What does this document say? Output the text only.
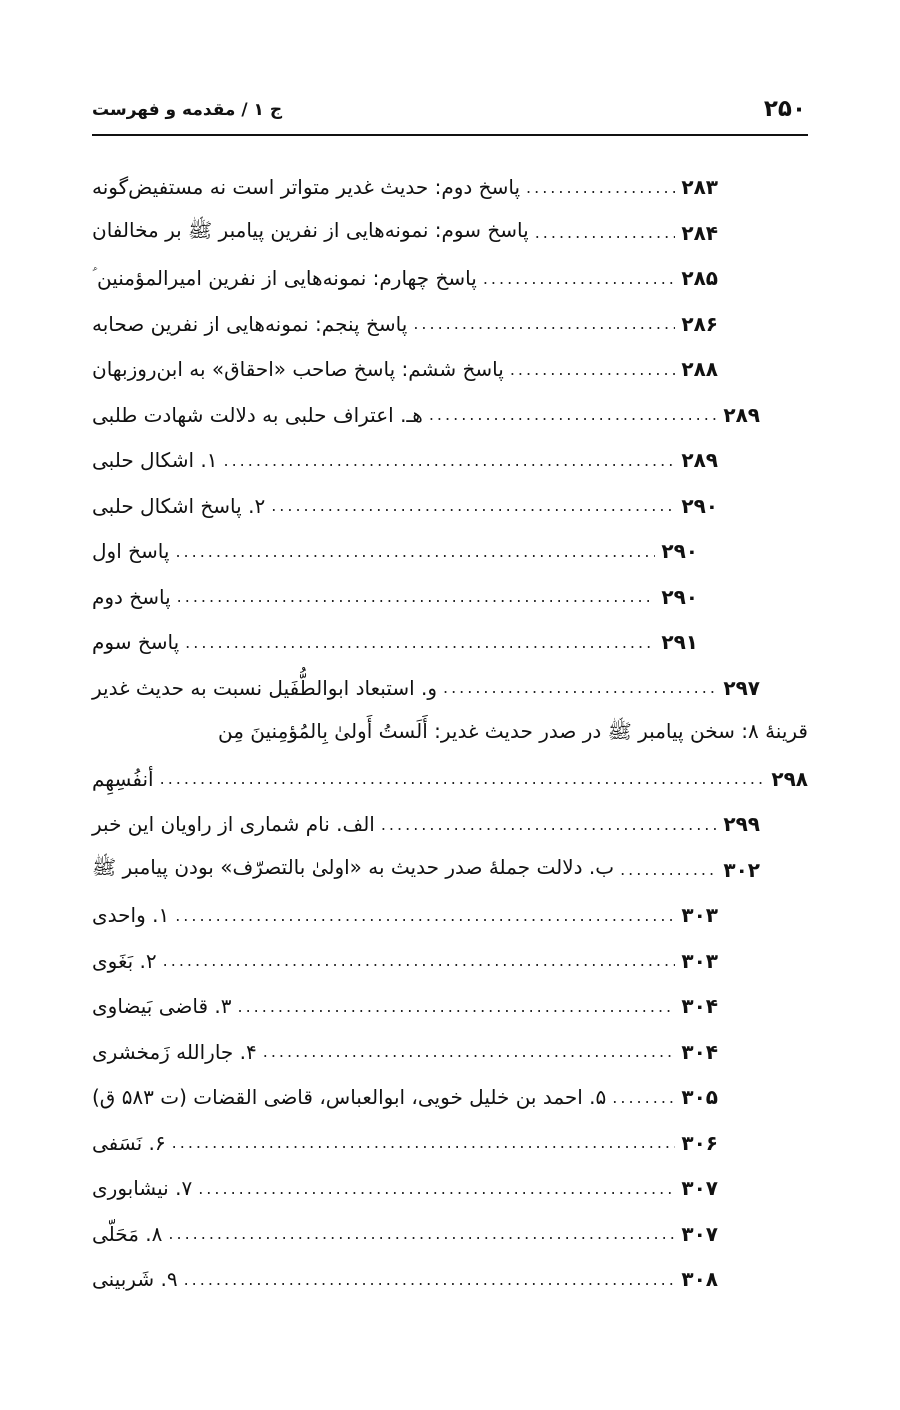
۲۵۰
ج ۱ / مقدمه و فهرست
پاسخ دوم: حدیث غدیر متواتر است نه مستفیض‌گونه .....	۲۸۳
پاسخ سوم: نمونه‌هایی از نفرین پیامبر ﷺ بر مخالفان .....	۲۸۴
پاسخ چهارم: نمونه‌هایی از نفرین امیرالمؤمنین ؑ .....	۲۸۵
پاسخ پنجم: نمونه‌هایی از نفرین صحابه .....	۲۸۶
پاسخ ششم: پاسخ صاحب «احقاق» به ابن‌روزبهان .....	۲۸۸
هـ. اعتراف حلبی به دلالت شهادت طلبی .....	۲۸۹
۱. اشکال حلبی .....	۲۸۹
۲. پاسخ اشکال حلبی .....	۲۹۰
پاسخ اول .....	۲۹۰
پاسخ دوم .....	۲۹۰
پاسخ سوم .....	۲۹۱
و. استبعاد ابوالطُّفَیل نسبت به حدیث غدیر .....	۲۹۷
قرینهٔ ۸: سخن پیامبر ﷺ در صدر حدیث غدیر: أَلَستُ أَولیٰ بِالمُؤمِنینَ مِن
أنفُسِهِم .....	۲۹۸
الف. نام شماری از راویان این خبر .....	۲۹۹
ب. دلالت جملهٔ صدر حدیث به «اولیٰ بالتصرّف» بودن پیامبر ﷺ .....	۳۰۲
۱. واحدی .....	۳۰۳
۲. بَغَوی .....	۳۰۳
۳. قاضی بَیضاوی .....	۳۰۴
۴. جارالله زَمخشری .....	۳۰۴
۵. احمد بن خلیل خویی، ابوالعباس، قاضی القضات (ت ۵۸۳ ق) .....	۳۰۵
۶. نَسَفی .....	۳۰۶
۷. نیشابوری .....	۳۰۷
۸. مَحَلّی .....	۳۰۷
۹. شَربینی .....	۳۰۸
